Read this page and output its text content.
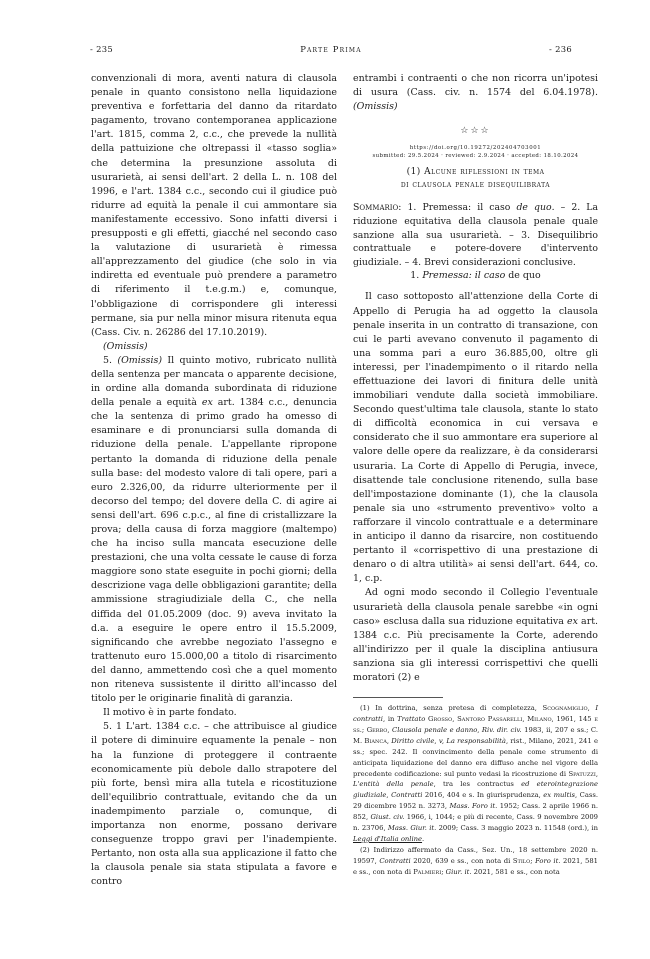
- 235	Parte Prima	- 236

convenzionali di mora, aventi natura di clausola penale in quanto consistono nella liquidazione preventiva e forfettaria del danno da ritardato pagamento, trovano contemporanea applicazione l'art. 1815, comma 2, c.c., che prevede la nullità della pattuizione che oltrepassi il «tasso soglia» che determina la presunzione assoluta di usurarietà, ai sensi dell'art. 2 della L. n. 108 del 1996, e l'art. 1384 c.c., secondo cui il giudice può ridurre ad equità la penale il cui ammontare sia manifestamente eccessivo. Sono infatti diversi i presupposti e gli effetti, giacché nel secondo caso la valutazione di usurarietà è rimessa all'apprezzamento del giudice (che solo in via indiretta ed eventuale può prendere a parametro di riferimento il t.e.g.m.) e, comunque, l'obbligazione di corrispondere gli interessi permane, sia pur nella minor misura ritenuta equa (Cass. Civ. n. 26286 del 17.10.2019).

(Omissis)

5. (Omissis) Il quinto motivo, rubricato nullità della sentenza per mancata o apparente decisione, in ordine alla domanda subordinata di riduzione della penale a equità ex art. 1384 c.c., denuncia che la sentenza di primo grado ha omesso di esaminare e di pronunciarsi sulla domanda di riduzione della penale. L'appellante ripropone pertanto la domanda di riduzione della penale sulla base: del modesto valore di tali opere, pari a euro 2.326,00, da ridurre ulteriormente per il decorso del tempo; del dovere della C. di agire ai sensi dell'art. 696 c.p.c., al fine di cristallizzare la prova; della causa di forza maggiore (maltempo) che ha inciso sulla mancata esecuzione delle prestazioni, che una volta cessate le cause di forza maggiore sono state eseguite in pochi giorni; della descrizione vaga delle obbligazioni garantite; della ammissione stragiudiziale della C., che nella diffida del 01.05.2009 (doc. 9) aveva invitato la d.a. a eseguire le opere entro il 15.5.2009, significando che avrebbe negoziato l'assegno e trattenuto euro 15.000,00 a titolo di risarcimento del danno, ammettendo così che a quel momento non riteneva sussistente il diritto all'incasso del titolo per le originarie finalità di garanzia.

Il motivo è in parte fondato.

5. 1 L'art. 1384 c.c. – che attribuisce al giudice il potere di diminuire equamente la penale – non ha la funzione di proteggere il contraente economicamente più debole dallo strapotere del più forte, bensì mira alla tutela e ricostituzione dell'equilibrio contrattuale, evitando che da un inadempimento parziale o, comunque, di importanza non enorme, possano derivare conseguenze troppo gravi per l'inadempiente. Pertanto, non osta alla sua applicazione il fatto che la clausola penale sia stata stipulata a favore e contro

entrambi i contraenti o che non ricorra un'ipotesi di usura (Cass. civ. n. 1574 del 6.04.1978). (Omissis)

☆☆☆
https://doi.org/10.19272/202404703001
submitted: 29.5.2024 · reviewed: 2.9.2024 · accepted: 18.10.2024
(1) Alcune riflessioni in tema
di clausola penale disequilibrata

Sommario: 1. Premessa: il caso de quo. – 2. La riduzione equitativa della clausola penale quale sanzione alla sua usurarietà. – 3. Disequilibrio contrattuale e potere-dovere d'intervento giudiziale. – 4. Brevi considerazioni conclusive.

1. Premessa: il caso de quo

Il caso sottoposto all'attenzione della Corte di Appello di Perugia ha ad oggetto la clausola penale inserita in un contratto di transazione, con cui le parti avevano convenuto il pagamento di una somma pari a euro 36.885,00, oltre gli interessi, per l'inadempimento o il ritardo nella effettuazione dei lavori di finitura delle unità immobiliari vendute dalla società immobiliare. Secondo quest'ultima tale clausola, stante lo stato di difficoltà economica in cui versava e considerato che il suo ammontare era superiore al valore delle opere da realizzare, è da considerarsi usuraria. La Corte di Appello di Perugia, invece, disattende tale conclusione ritenendo, sulla base dell'impostazione dominante (1), che la clausola penale sia uno «strumento preventivo» volto a rafforzare il vincolo contrattuale e a determinare in anticipo il danno da risarcire, non costituendo pertanto il «corrispettivo di una prestazione di denaro o di altra utilità» ai sensi dell'art. 644, co. 1, c.p.

Ad ogni modo secondo il Collegio l'eventuale usurarietà della clausola penale sarebbe «in ogni caso» esclusa dalla sua riduzione equitativa ex art. 1384 c.c. Più precisamente la Corte, aderendo all'indirizzo per il quale la disciplina antiusura sanziona sia gli interessi corrispettivi che quelli moratori (2) e

(1) In dottrina, senza pretesa di completezza, Scognamiglio, I contratti, in Trattato Grosso, Santoro Passarelli, Milano, 1961, 145 e ss.; Gerbo, Clausola penale e danno, Riv. dir. civ. 1983, ii, 207 e ss.; C. M. Bianca, Diritto civile, v, La responsabilità, rist., Milano, 2021, 241 e ss.; spec. 242. Il convincimento della penale come strumento di anticipata liquidazione del danno era diffuso anche nel vigore della precedente codificazione: sul punto vedasi la ricostruzione di Spatuzzi, L'entità della penale, tra les contractus ed eterointegrazione giudiziale, Contratti 2016, 404 e s. In giurisprudenza, ex multis, Cass. 29 dicembre 1952 n. 3273, Mass. Foro it. 1952; Cass. 2 aprile 1966 n. 852, Giust. civ. 1966, i, 1044; e più di recente, Cass. 9 novembre 2009 n. 23706, Mass. Giur. it. 2009; Cass. 3 maggio 2023 n. 11548 (ord.), in Leggi d'Italia online.

(2) Indirizzo affermato da Cass., Sez. Un., 18 settembre 2020 n. 19597, Contratti 2020, 639 e ss., con nota di Stilo; Foro it. 2021, 581 e ss., con nota di Palmieri; Giur. it. 2021, 581 e ss., con nota
